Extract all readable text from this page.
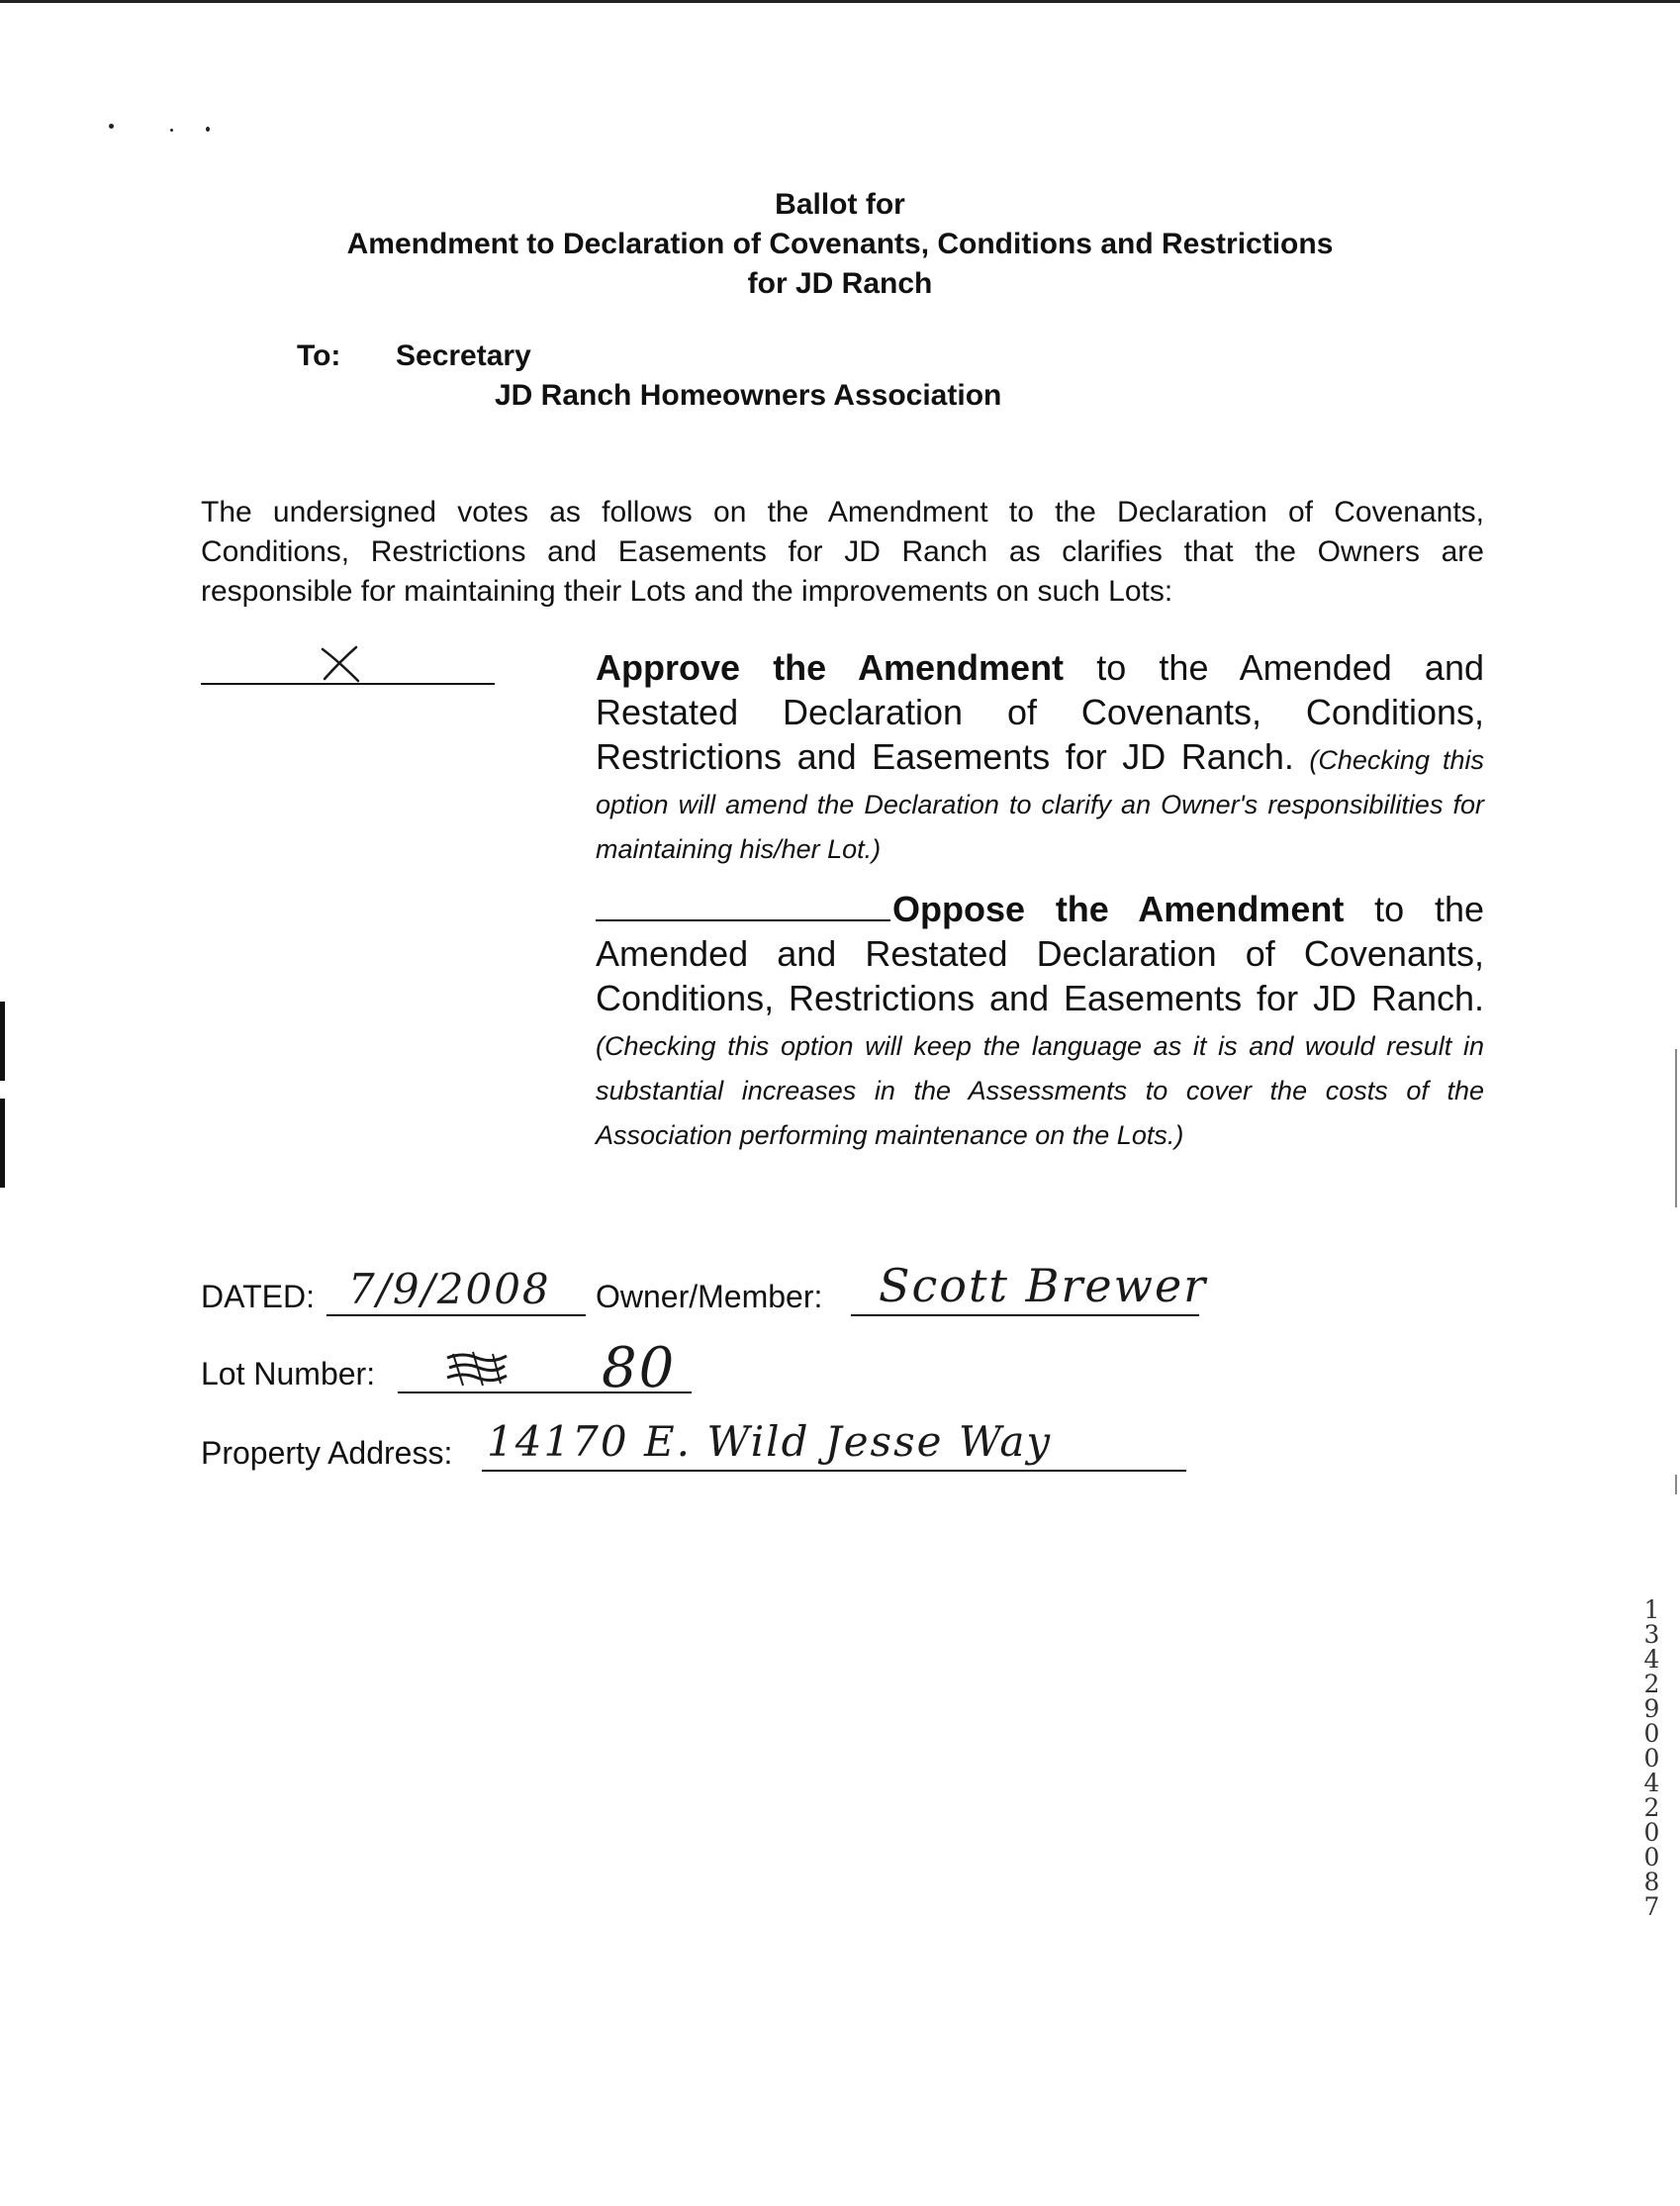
Ballot for
Amendment to Declaration of Covenants, Conditions and Restrictions
for JD Ranch
To: Secretary
JD Ranch Homeowners Association
The undersigned votes as follows on the Amendment to the Declaration of Covenants, Conditions, Restrictions and Easements for JD Ranch as clarifies that the Owners are responsible for maintaining their Lots and the improvements on such Lots:
Approve the Amendment to the Amended and Restated Declaration of Covenants, Conditions, Restrictions and Easements for JD Ranch. (Checking this option will amend the Declaration to clarify an Owner's responsibilities for maintaining his/her Lot.)
Oppose the Amendment to the Amended and Restated Declaration of Covenants, Conditions, Restrictions and Easements for JD Ranch. (Checking this option will keep the language as it is and would result in substantial increases in the Assessments to cover the costs of the Association performing maintenance on the Lots.)
DATED: 7/9/2008 Owner/Member: Scott Brewer
Lot Number:	80
Property Address: 14170 E. Wild Jesse Way
1342900420087
